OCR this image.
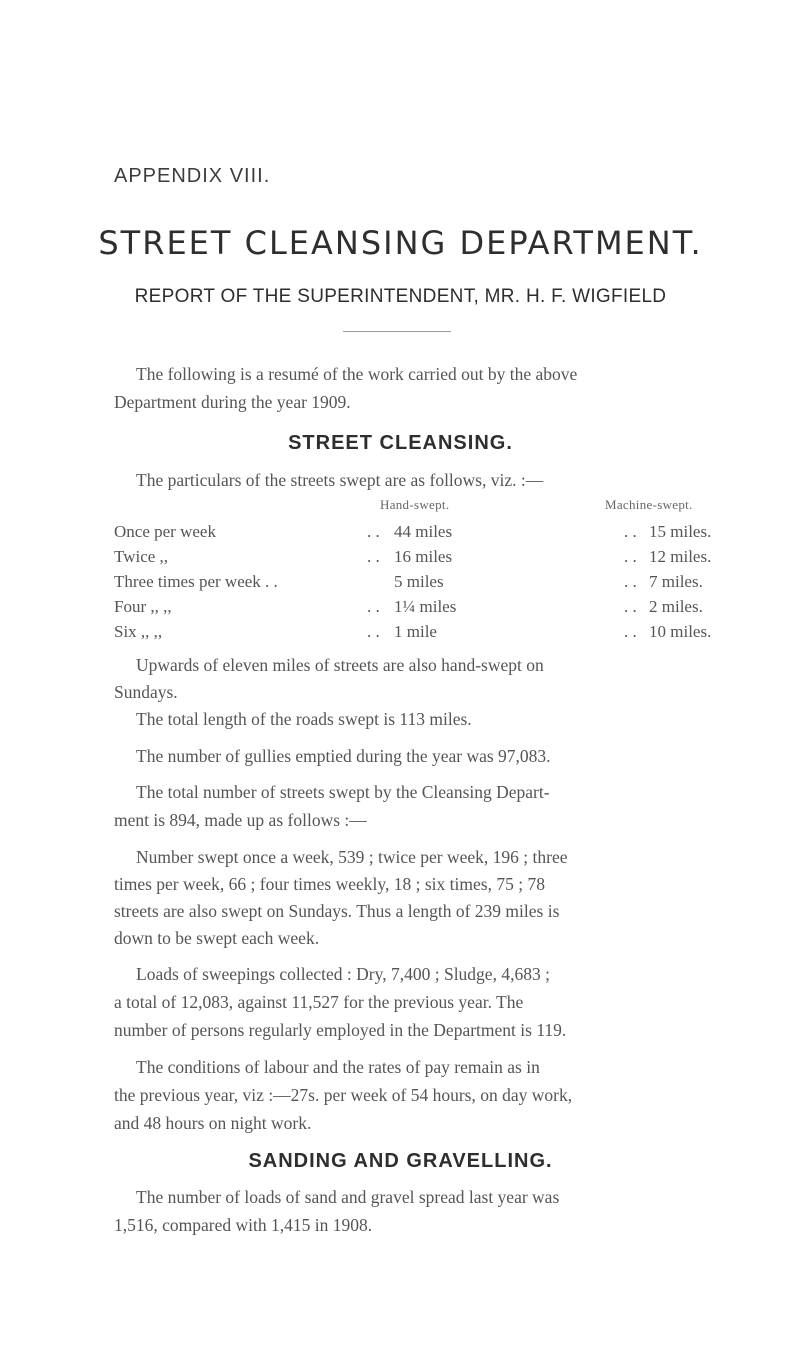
APPENDIX VIII.
STREET CLEANSING DEPARTMENT.
REPORT OF THE SUPERINTENDENT, MR. H. F. WIGFIELD
The following is a resumé of the work carried out by the above
Department during the year 1909.
STREET CLEANSING.
The particulars of the streets swept are as follows, viz. :—
Hand-swept.	Machine-swept.
Once per week	. . 44 miles	. . 15 miles.
Twice ,,	. . 16 miles	. . 12 miles.
Three times per week . .	5 miles	. . 7 miles.
Four ,, ,,	. . 1¼ miles	. . 2 miles.
Six ,, ,,	. . 1 mile	. . 10 miles.
Upwards of eleven miles of streets are also hand-swept on
Sundays.
The total length of the roads swept is 113 miles.
The number of gullies emptied during the year was 97,083.
The total number of streets swept by the Cleansing Depart-
ment is 894, made up as follows :—
Number swept once a week, 539 ; twice per week, 196 ; three
times per week, 66 ; four times weekly, 18 ; six times, 75 ; 78
streets are also swept on Sundays. Thus a length of 239 miles is
down to be swept each week.
Loads of sweepings collected : Dry, 7,400 ; Sludge, 4,683 ;
a total of 12,083, against 11,527 for the previous year. The
number of persons regularly employed in the Department is 119.
The conditions of labour and the rates of pay remain as in
the previous year, viz :—27s. per week of 54 hours, on day work,
and 48 hours on night work.
SANDING AND GRAVELLING.
The number of loads of sand and gravel spread last year was
1,516, compared with 1,415 in 1908.
